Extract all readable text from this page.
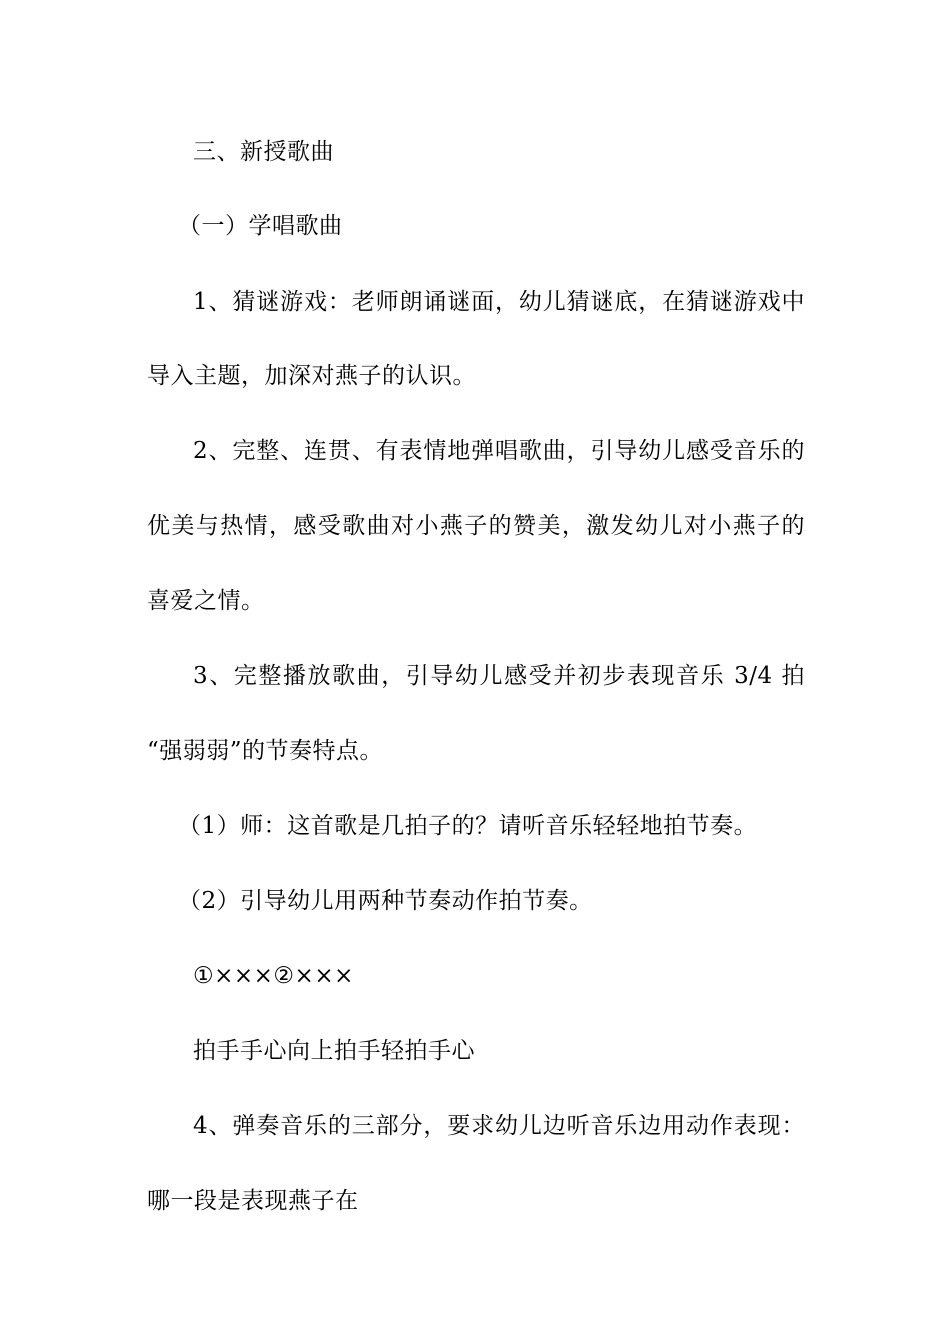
三、新授歌曲
（一）学唱歌曲
1、猜谜游戏：老师朗诵谜面，幼儿猜谜底，在猜谜游戏中
导入主题，加深对燕子的认识。
2、完整、连贯、有表情地弹唱歌曲，引导幼儿感受音乐的
优美与热情，感受歌曲对小燕子的赞美，激发幼儿对小燕子的
喜爱之情。
3、完整播放歌曲，引导幼儿感受并初步表现音乐 3/4 拍
“强弱弱”的节奏特点。
（1）师：这首歌是几拍子的？请听音乐轻轻地拍节奏。
（2）引导幼儿用两种节奏动作拍节奏。
①×××②×××
拍手手心向上拍手轻拍手心
4、弹奏音乐的三部分，要求幼儿边听音乐边用动作表现：
哪一段是表现燕子在
